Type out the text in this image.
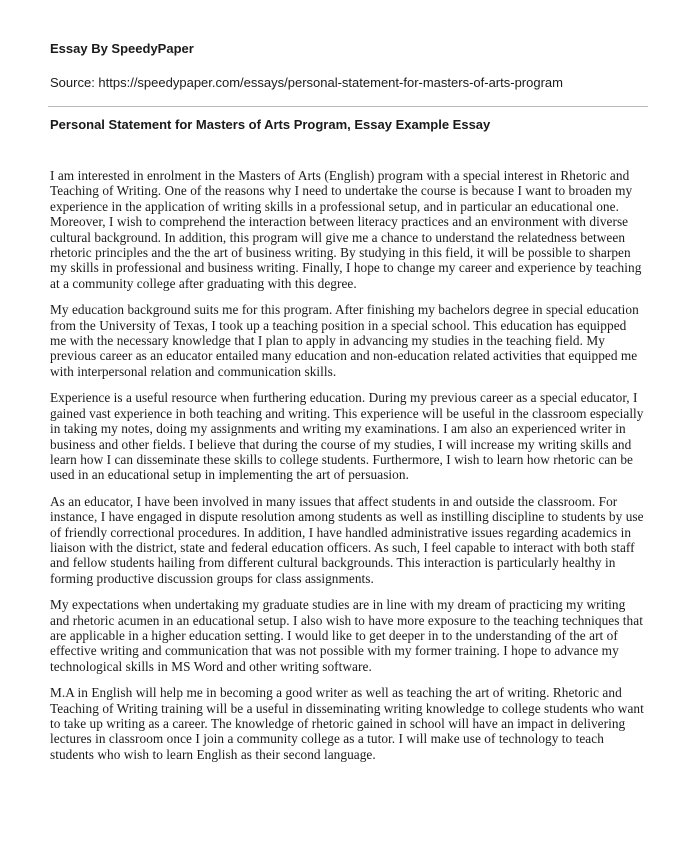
Essay By SpeedyPaper

Source: https://speedypaper.com/essays/personal-statement-for-masters-of-arts-program

Personal Statement for Masters of Arts Program, Essay Example Essay

I am interested in enrolment in the Masters of Arts (English) program with a special interest in Rhetoric and Teaching of Writing. One of the reasons why I need to undertake the course is because I want to broaden my experience in the application of writing skills in a professional setup, and in particular an educational one. Moreover, I wish to comprehend the interaction between literacy practices and an environment with diverse cultural background. In addition, this program will give me a chance to understand the relatedness between rhetoric principles and the the art of business writing. By studying in this field, it will be possible to sharpen my skills in professional and business writing. Finally, I hope to change my career and experience by teaching at a community college after graduating with this degree.

My education background suits me for this program. After finishing my bachelors degree in special education from the University of Texas, I took up a teaching position in a special school. This education has equipped me with the necessary knowledge that I plan to apply in advancing my studies in the teaching field. My previous career as an educator entailed many education and non-education related activities that equipped me with interpersonal relation and communication skills.

Experience is a useful resource when furthering education. During my previous career as a special educator, I gained vast experience in both teaching and writing. This experience will be useful in the classroom especially in taking my notes, doing my assignments and writing my examinations. I am also an experienced writer in business and other fields. I believe that during the course of my studies, I will increase my writing skills and learn how I can disseminate these skills to college students. Furthermore, I wish to learn how rhetoric can be used in an educational setup in implementing the art of persuasion.

As an educator, I have been involved in many issues that affect students in and outside the classroom. For instance, I have engaged in dispute resolution among students as well as instilling discipline to students by use of friendly correctional procedures. In addition, I have handled administrative issues regarding academics in liaison with the district, state and federal education officers. As such, I feel capable to interact with both staff and fellow students hailing from different cultural backgrounds. This interaction is particularly healthy in forming productive discussion groups for class assignments.

My expectations when undertaking my graduate studies are in line with my dream of practicing my writing and rhetoric acumen in an educational setup. I also wish to have more exposure to the teaching techniques that are applicable in a higher education setting. I would like to get deeper in to the understanding of the art of effective writing and communication that was not possible with my former training. I hope to advance my technological skills in MS Word and other writing software.

M.A in English will help me in becoming a good writer as well as teaching the art of writing. Rhetoric and Teaching of Writing training will be a useful in disseminating writing knowledge to college students who want to take up writing as a career. The knowledge of rhetoric gained in school will have an impact in delivering lectures in classroom once I join a community college as a tutor. I will make use of technology to teach students who wish to learn English as their second language.
